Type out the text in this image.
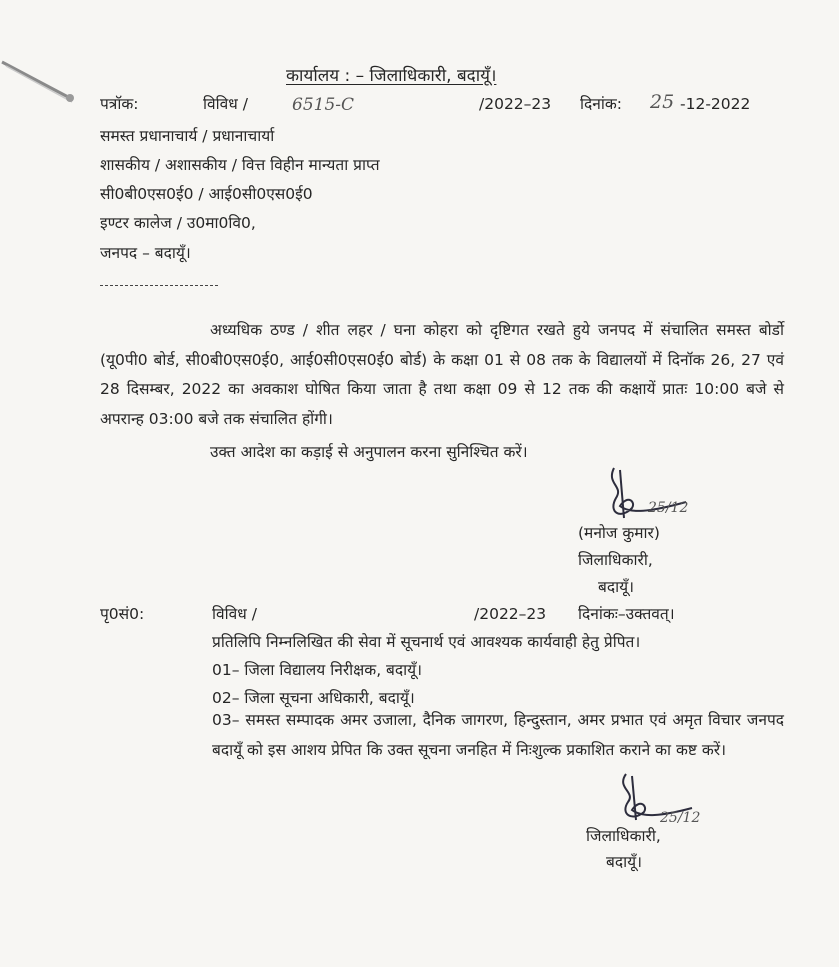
कार्यालय : – जिलाधिकारी, बदायूँ।
पत्रॉक:	विविध /	6515-C	/2022–23 दिनांक: 25 -12-2022
समस्त प्रधानाचार्य / प्रधानाचार्या
शासकीय / अशासकीय / वित्त विहीन मान्यता प्राप्त
सी0बी0एस0ई0 / आई0सी0एस0ई0
इण्टर कालेज / उ0मा0वि0,
जनपद – बदायूँ।
अध्यधिक ठण्ड / शीत लहर / घना कोहरा को दृष्टिगत रखते हुये जनपद में संचालित समस्त बोर्डो (यू0पी0 बोर्ड, सी0बी0एस0ई0, आई0सी0एस0ई0 बोर्ड) के कक्षा 01 से 08 तक के विद्यालयों में दिनॉक 26, 27 एवं 28 दिसम्बर, 2022 का अवकाश घोषित किया जाता है तथा कक्षा 09 से 12 तक की कक्षायें प्रातः 10:00 बजे से अपरान्ह 03:00 बजे तक संचालित होंगी।
उक्त आदेश का कड़ाई से अनुपालन करना सुनिश्चित करें।
25/12
(मनोज कुमार)
जिलाधिकारी,
बदायूँ।
पृ0सं0:	विविध /	/2022–23 दिनांकः–उक्तवत्।
प्रतिलिपि निम्नलिखित की सेवा में सूचनार्थ एवं आवश्यक कार्यवाही हेतु प्रेपित।
01– जिला विद्यालय निरीक्षक, बदायूँ।
02– जिला सूचना अधिकारी, बदायूँ।
03– समस्त सम्पादक अमर उजाला, दैनिक जागरण, हिन्दुस्तान, अमर प्रभात एवं अमृत विचार जनपद बदायूँ को इस आशय प्रेपित कि उक्त सूचना जनहित में निःशुल्क प्रकाशित कराने का कष्ट करें।
25/12
जिलाधिकारी,
बदायूँ।
